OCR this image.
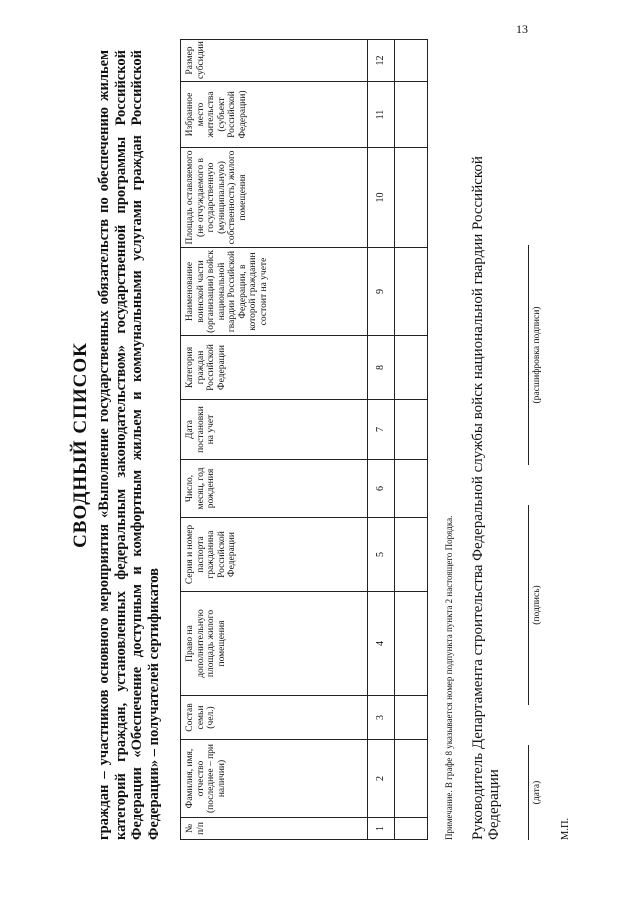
13
СВОДНЫЙ СПИСОК граждан – участников основного мероприятия «Выполнение государственных обязательств по обеспечению жильем категорий граждан, установленных федеральным законодательством» государственной программы Российской Федерации «Обеспечение доступным и комфортным жильем и коммунальными услугами граждан Российской Федерации» – получателей сертификатов № п/п	Фамилия, имя, отчество (последнее – при наличии)	Состав семьи (чел.)	Право на дополнительную площадь жилого помещения	Серия и номер паспорта гражданина Российской Федерации	Число, месяц, год рождения	Дата постановки на учет	Категория граждан Российской Федерации	Наименование воинской части (организации) войск национальной гвардии Российской Федерации, в которой гражданин состоит на учете	Площадь оставляемого (не отчуждаемого в государственную (муниципальную) собственность) жилого помещения	Избранное место жительства (субъект Российской Федерации)	Размер субсидии
1	2	3	4	5	6	7	8	9	10	11	12

Примечание. В графе 8 указывается номер подпункта пункта 2 настоящего Порядка. Руководитель Департамента строительства Федеральной службы войск национальной гвардии Российской Федерации	(дата)
(подпись)
(расшифровка подписи)
М.П.
